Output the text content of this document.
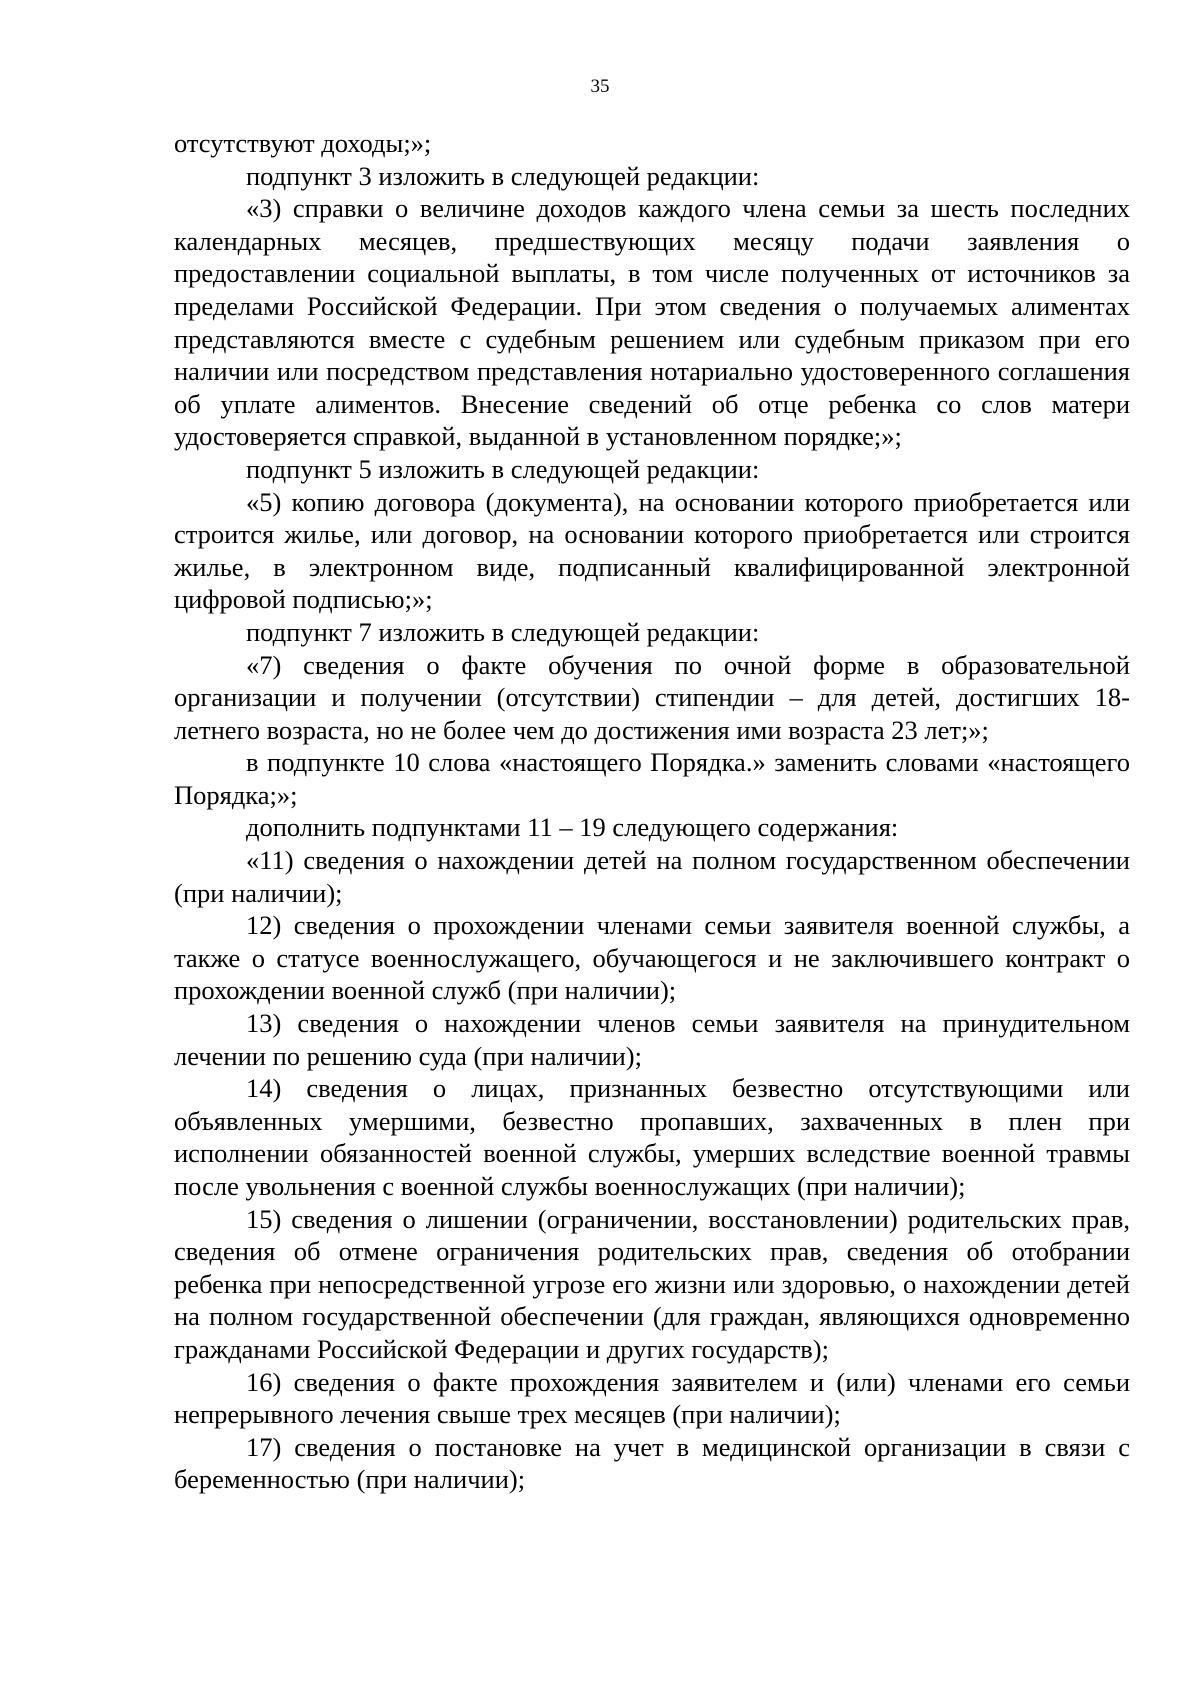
35

отсутствуют доходы;»;

подпункт 3 изложить в следующей редакции:

«3) справки о величине доходов каждого члена семьи за шесть последних календарных месяцев, предшествующих месяцу подачи заявления о предоставлении социальной выплаты, в том числе полученных от источников за пределами Российской Федерации. При этом сведения о получаемых алиментах представляются вместе с судебным решением или судебным приказом при его наличии или посредством представления нотариально удостоверенного соглашения об уплате алиментов. Внесение сведений об отце ребенка со слов матери удостоверяется справкой, выданной в установленном порядке;»;

подпункт 5 изложить в следующей редакции:

«5) копию договора (документа), на основании которого приобретается или строится жилье, или договор, на основании которого приобретается или строится жилье, в электронном виде, подписанный квалифицированной электронной цифровой подписью;»;

подпункт 7 изложить в следующей редакции:

«7) сведения о факте обучения по очной форме в образовательной организации и получении (отсутствии) стипендии – для детей, достигших 18-летнего возраста, но не более чем до достижения ими возраста 23 лет;»;

в подпункте 10 слова «настоящего Порядка.» заменить словами «настоящего Порядка;»;

дополнить подпунктами 11 – 19 следующего содержания:

«11) сведения о нахождении детей на полном государственном обеспечении (при наличии);

12) сведения о прохождении членами семьи заявителя военной службы, а также о статусе военнослужащего, обучающегося и не заключившего контракт о прохождении военной служб (при наличии);

13) сведения о нахождении членов семьи заявителя на принудительном лечении по решению суда (при наличии);

14) сведения о лицах, признанных безвестно отсутствующими или объявленных умершими, безвестно пропавших, захваченных в плен при исполнении обязанностей военной службы, умерших вследствие военной травмы после увольнения с военной службы военнослужащих (при наличии);

15) сведения о лишении (ограничении, восстановлении) родительских прав, сведения об отмене ограничения родительских прав, сведения об отобрании ребенка при непосредственной угрозе его жизни или здоровью, о нахождении детей на полном государственной обеспечении (для граждан, являющихся одновременно гражданами Российской Федерации и других государств);

16) сведения о факте прохождения заявителем и (или) членами его семьи непрерывного лечения свыше трех месяцев (при наличии);

17) сведения о постановке на учет в медицинской организации в связи с беременностью (при наличии);
